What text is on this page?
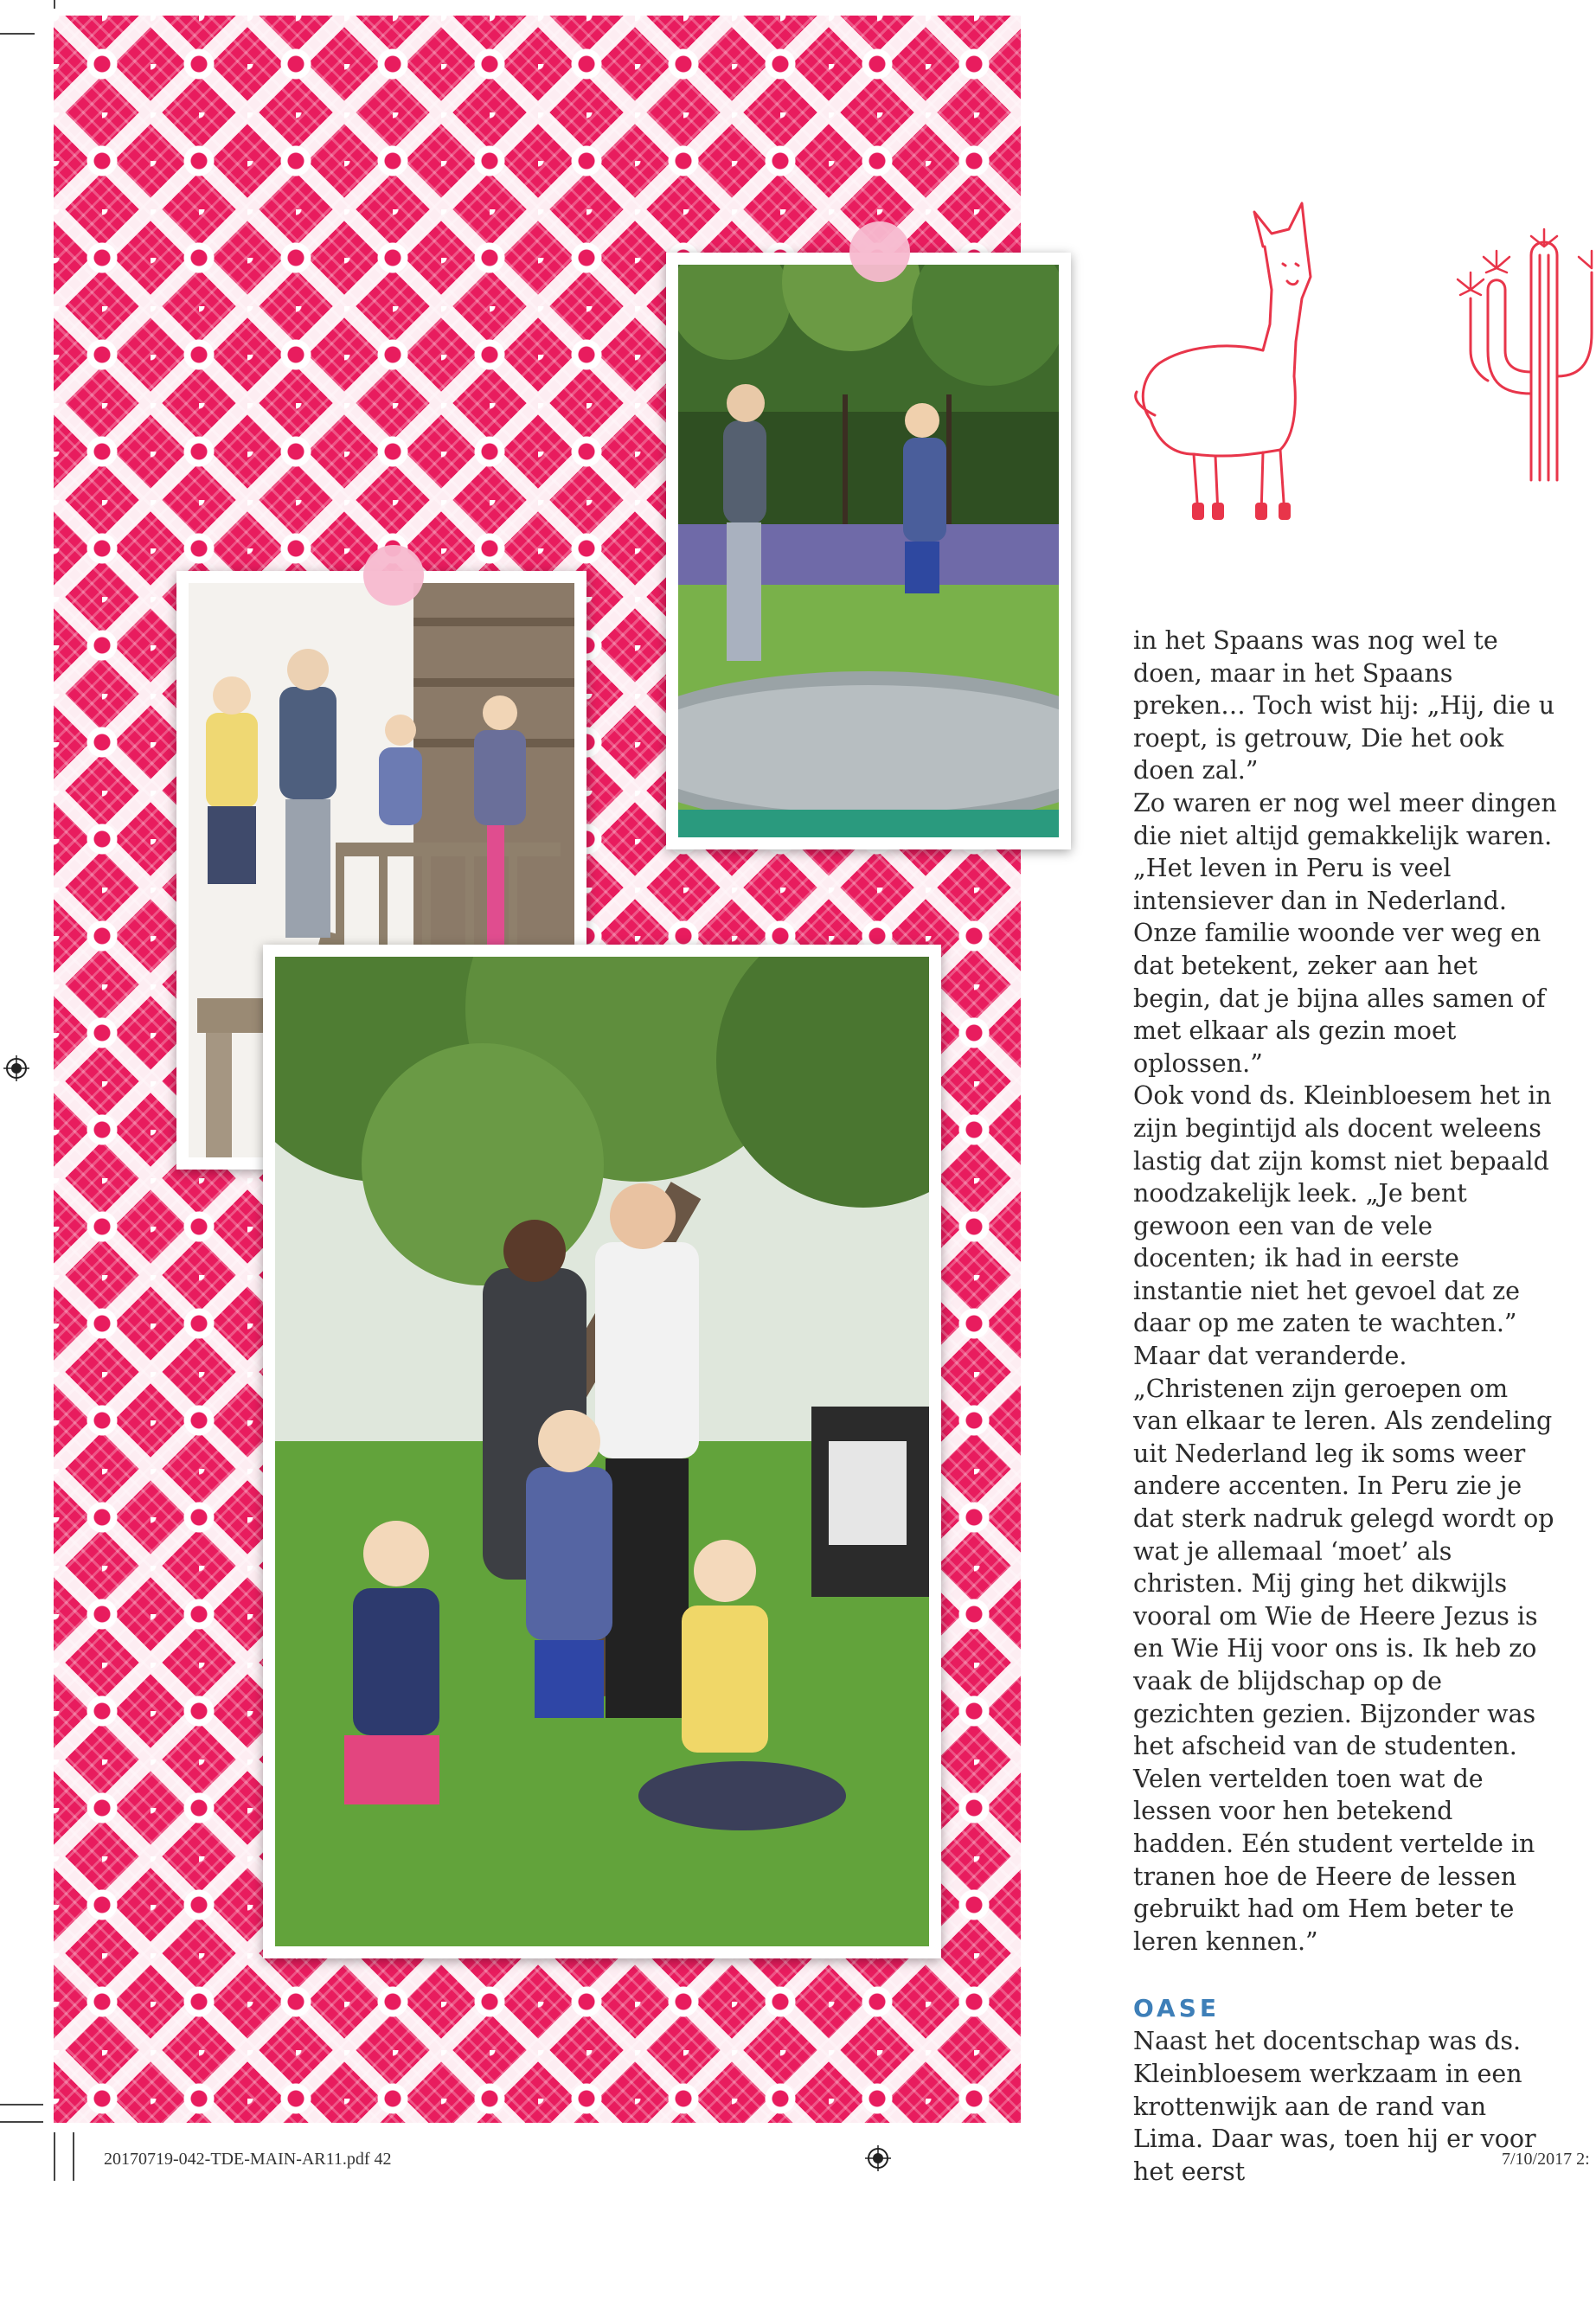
in het Spaans was nog wel te doen, maar in het Spaans preken… Toch wist hij: „Hij, die u roept, is getrouw, Die het ook doen zal.”

Zo waren er nog wel meer dingen die niet altijd gemakkelijk waren. „Het leven in Peru is veel intensiever dan in Nederland. Onze familie woonde ver weg en dat betekent, zeker aan het begin, dat je bijna alles samen of met elkaar als gezin moet oplossen.”

Ook vond ds. Kleinbloesem het in zijn begintijd als docent weleens lastig dat zijn komst niet bepaald noodzakelijk leek. „Je bent gewoon een van de vele docenten; ik had in eerste instantie niet het gevoel dat ze daar op me zaten te wachten.” Maar dat veranderde. „Christenen zijn geroepen om van elkaar te leren. Als zendeling uit Nederland leg ik soms weer andere accenten. In Peru zie je dat sterk nadruk gelegd wordt op wat je allemaal ‘moet’ als christen. Mij ging het dikwijls vooral om Wie de Heere Jezus is en Wie Hij voor ons is. Ik heb zo vaak de blijdschap op de gezichten gezien. Bijzonder was het afscheid van de studenten. Velen vertelden toen wat de lessen voor hen betekend hadden. Eén student vertelde in tranen hoe de Heere de lessen gebruikt had om Hem beter te leren kennen.”

OASE

Naast het docentschap was ds. Kleinbloesem werkzaam in een krottenwijk aan de rand van Lima. Daar was, toen hij er voor het eerst

20170719-042-TDE-MAIN-AR11.pdf 42	7/10/2017 2:
